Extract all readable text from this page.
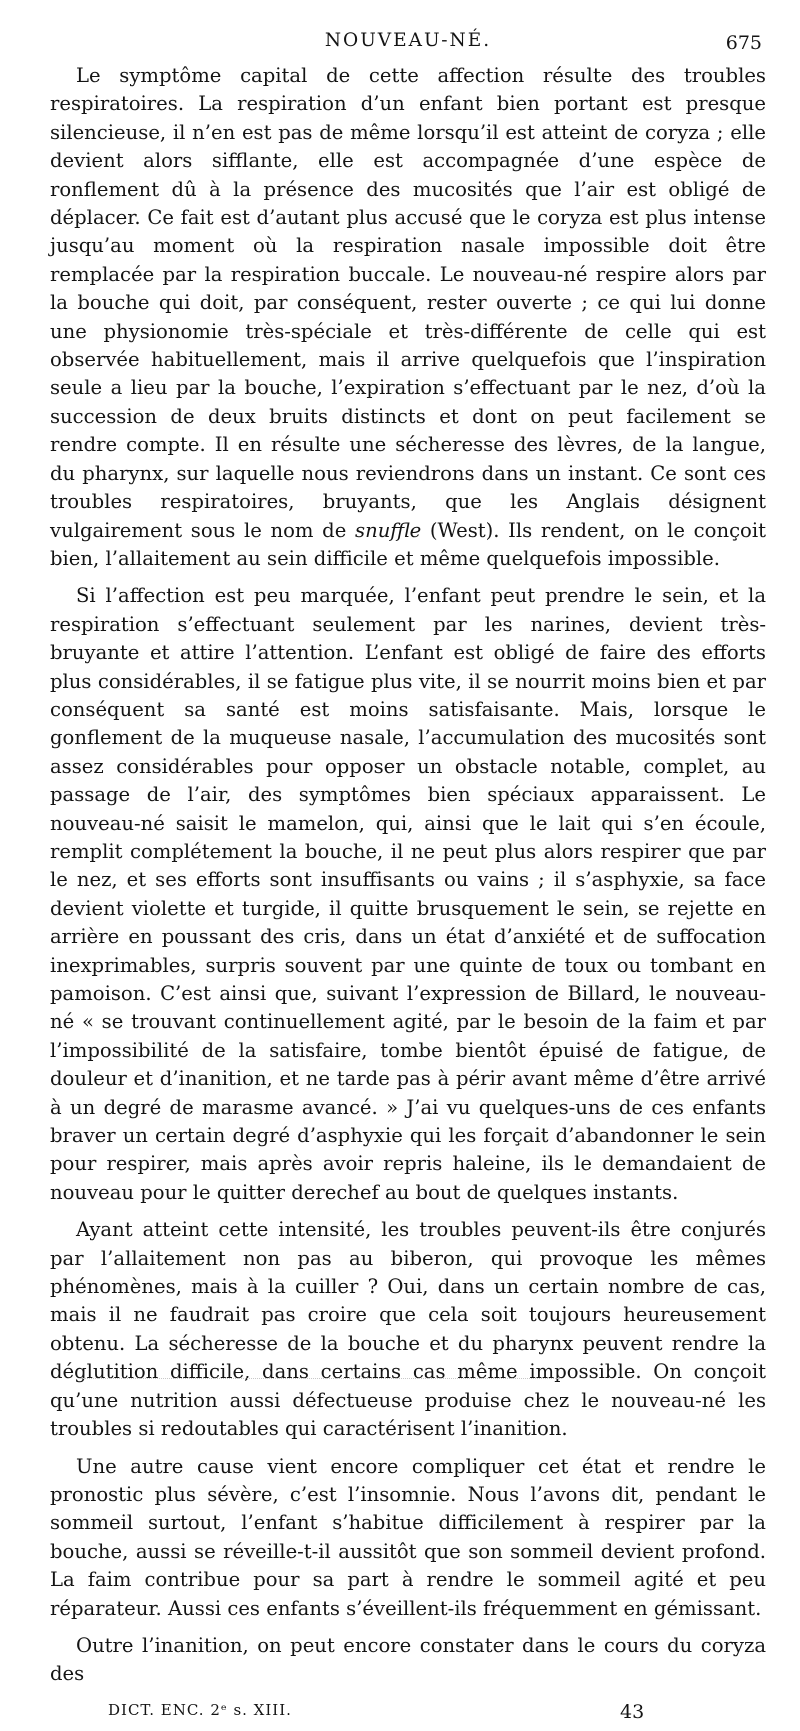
NOUVEAU-NÉ.	675

Le symptôme capital de cette affection résulte des troubles respiratoires. La respiration d’un enfant bien portant est presque silencieuse, il n’en est pas de même lorsqu’il est atteint de coryza ; elle devient alors sifflante, elle est accompagnée d’une espèce de ronflement dû à la présence des mucosités que l’air est obligé de déplacer. Ce fait est d’autant plus accusé que le coryza est plus intense jusqu’au moment où la respiration nasale impossible doit être remplacée par la respiration buccale. Le nouveau-né respire alors par la bouche qui doit, par conséquent, rester ouverte ; ce qui lui donne une physionomie très-spéciale et très-différente de celle qui est observée habituellement, mais il arrive quelquefois que l’inspiration seule a lieu par la bouche, l’expiration s’effectuant par le nez, d’où la succession de deux bruits distincts et dont on peut facilement se rendre compte. Il en résulte une sécheresse des lèvres, de la langue, du pharynx, sur laquelle nous reviendrons dans un instant. Ce sont ces troubles respiratoires, bruyants, que les Anglais désignent vulgairement sous le nom de snuffle (West). Ils rendent, on le conçoit bien, l’allaitement au sein difficile et même quelquefois impossible.

Si l’affection est peu marquée, l’enfant peut prendre le sein, et la respiration s’effectuant seulement par les narines, devient très-bruyante et attire l’attention. L’enfant est obligé de faire des efforts plus considérables, il se fatigue plus vite, il se nourrit moins bien et par conséquent sa santé est moins satisfaisante. Mais, lorsque le gonflement de la muqueuse nasale, l’accumulation des mucosités sont assez considérables pour opposer un obstacle notable, complet, au passage de l’air, des symptômes bien spéciaux apparaissent. Le nouveau-né saisit le mamelon, qui, ainsi que le lait qui s’en écoule, remplit complétement la bouche, il ne peut plus alors respirer que par le nez, et ses efforts sont insuffisants ou vains ; il s’asphyxie, sa face devient violette et turgide, il quitte brusquement le sein, se rejette en arrière en poussant des cris, dans un état d’anxiété et de suffocation inexprimables, surpris souvent par une quinte de toux ou tombant en pamoison. C’est ainsi que, suivant l’expression de Billard, le nouveau-né « se trouvant continuellement agité, par le besoin de la faim et par l’impossibilité de la satisfaire, tombe bientôt épuisé de fatigue, de douleur et d’inanition, et ne tarde pas à périr avant même d’être arrivé à un degré de marasme avancé. » J’ai vu quelques-uns de ces enfants braver un certain degré d’asphyxie qui les forçait d’abandonner le sein pour respirer, mais après avoir repris haleine, ils le demandaient de nouveau pour le quitter derechef au bout de quelques instants.

Ayant atteint cette intensité, les troubles peuvent-ils être conjurés par l’allaitement non pas au biberon, qui provoque les mêmes phénomènes, mais à la cuiller ? Oui, dans un certain nombre de cas, mais il ne faudrait pas croire que cela soit toujours heureusement obtenu. La sécheresse de la bouche et du pharynx peuvent rendre la déglutition difficile, dans certains cas même impossible. On conçoit qu’une nutrition aussi défectueuse produise chez le nouveau-né les troubles si redoutables qui caractérisent l’inanition.

Une autre cause vient encore compliquer cet état et rendre le pronostic plus sévère, c’est l’insomnie. Nous l’avons dit, pendant le sommeil surtout, l’enfant s’habitue difficilement à respirer par la bouche, aussi se réveille-t-il aussitôt que son sommeil devient profond. La faim contribue pour sa part à rendre le sommeil agité et peu réparateur. Aussi ces enfants s’éveillent-ils fréquemment en gémissant.

Outre l’inanition, on peut encore constater dans le cours du coryza des

DICT. ENC. 2ᵉ s. XIII.	43
